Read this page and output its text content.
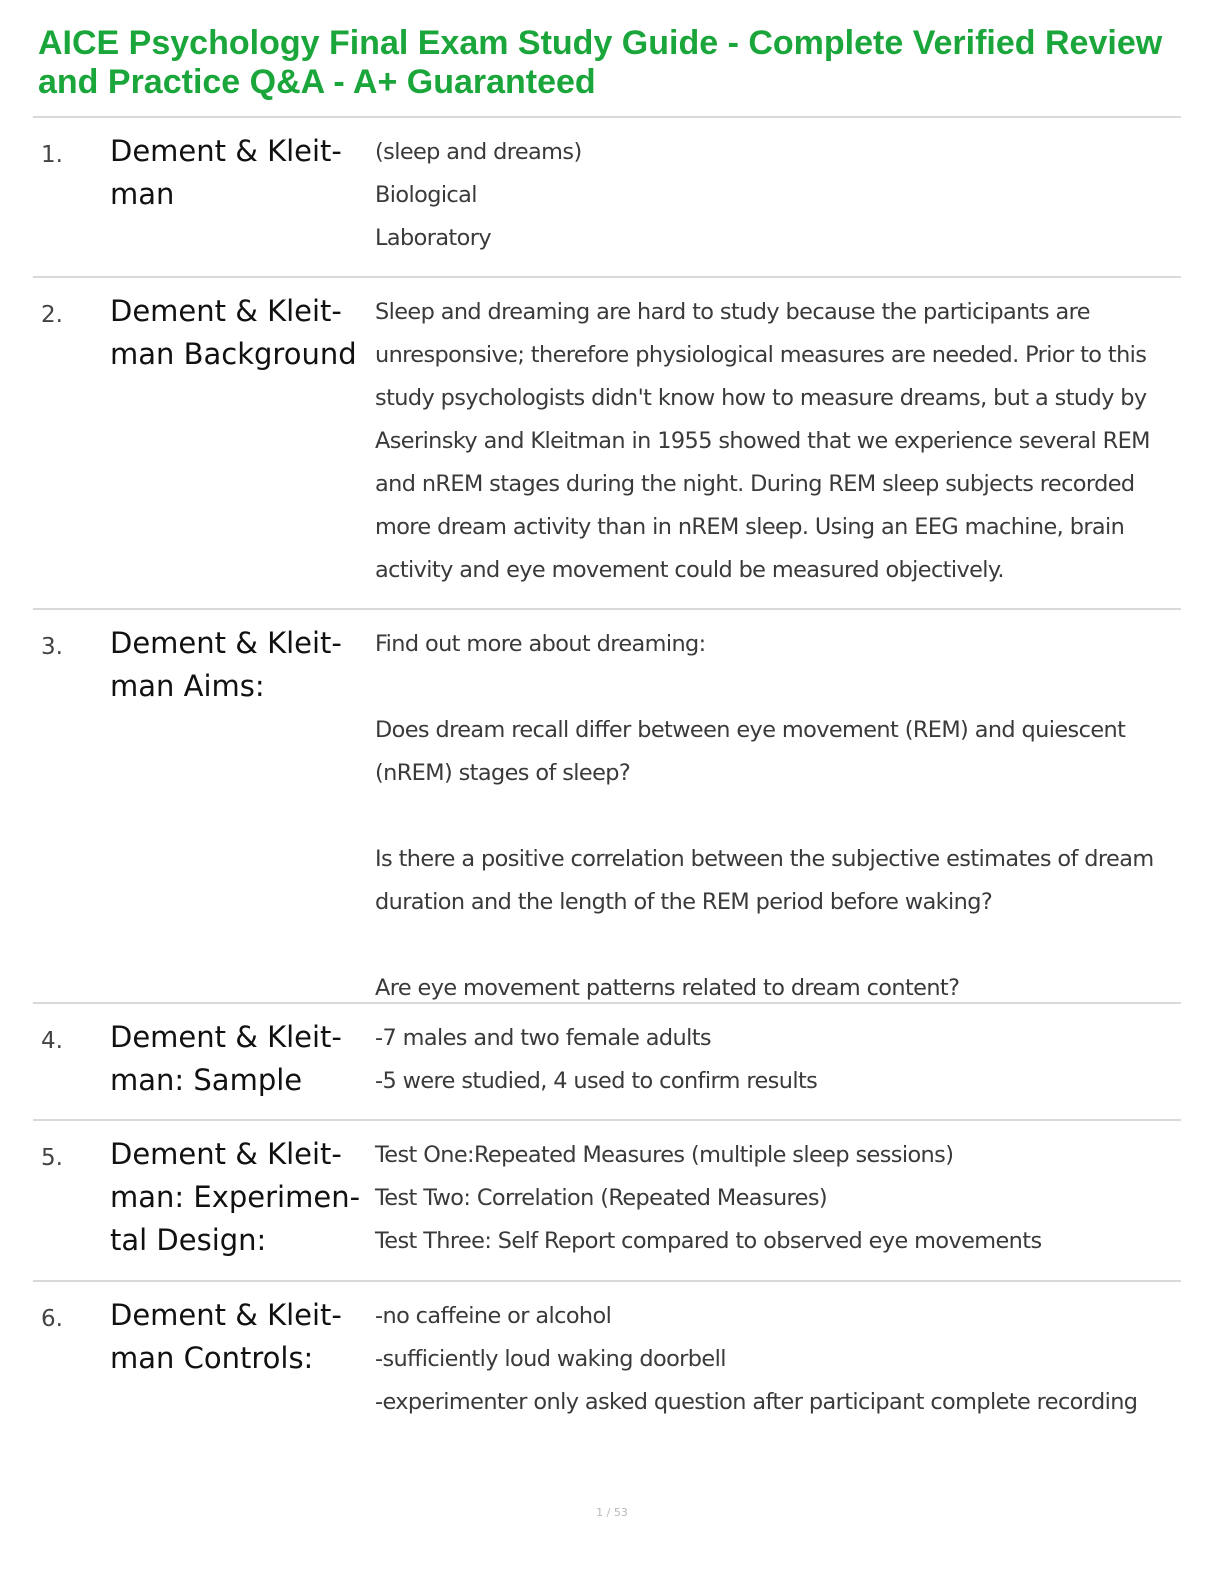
AICE Psychology Final Exam Study Guide - Complete Verified Review and Practice Q&A - A+ Guaranteed
1. Dement & Kleit-
man
(sleep and dreams)
Biological
Laboratory
2. Dement & Kleit-
man Background
Sleep and dreaming are hard to study because the participants are unresponsive; therefore physiological measures are needed. Prior to this study psychologists didn't know how to measure dreams, but a study by Aserinsky and Kleitman in 1955 showed that we experience several REM and nREM stages during the night. During REM sleep subjects recorded more dream activity than in nREM sleep. Using an EEG machine, brain activity and eye movement could be measured objectively.
3. Dement & Kleit-
man Aims:
Find out more about dreaming:

Does dream recall differ between eye movement (REM) and quiescent (nREM) stages of sleep?

Is there a positive correlation between the subjective estimates of dream duration and the length of the REM period before waking?

Are eye movement patterns related to dream content?
4. Dement & Kleit-
man: Sample
-7 males and two female adults
-5 were studied, 4 used to confirm results
5. Dement & Kleit-
man: Experimen-
tal Design:
Test One:Repeated Measures (multiple sleep sessions)
Test Two: Correlation (Repeated Measures)
Test Three: Self Report compared to observed eye movements
6. Dement & Kleit-
man Controls:
-no caffeine or alcohol
-sufficiently loud waking doorbell
-experimenter only asked question after participant complete recording
1 / 53
